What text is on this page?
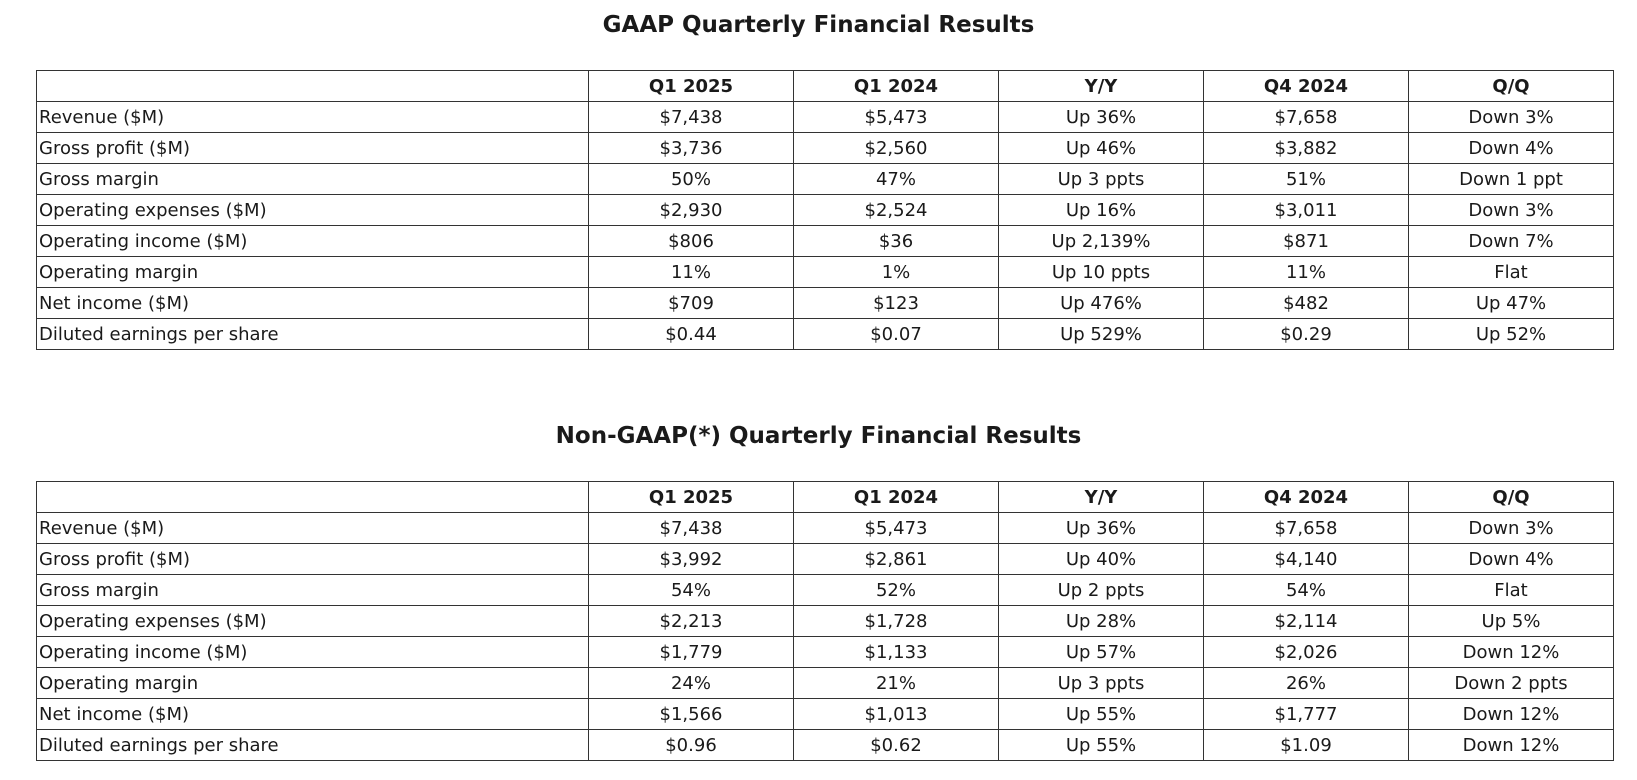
GAAP Quarterly Financial Results
	Q1 2025	Q1 2024	Y/Y	Q4 2024	Q/Q
Revenue ($M)	$7,438	$5,473	Up 36%	$7,658	Down 3%
Gross profit ($M)	$3,736	$2,560	Up 46%	$3,882	Down 4%
Gross margin	50%	47%	Up 3 ppts	51%	Down 1 ppt
Operating expenses ($M)	$2,930	$2,524	Up 16%	$3,011	Down 3%
Operating income ($M)	$806	$36	Up 2,139%	$871	Down 7%
Operating margin	11%	1%	Up 10 ppts	11%	Flat
Net income ($M)	$709	$123	Up 476%	$482	Up 47%
Diluted earnings per share	$0.44	$0.07	Up 529%	$0.29	Up 52%
Non-GAAP(*) Quarterly Financial Results
	Q1 2025	Q1 2024	Y/Y	Q4 2024	Q/Q
Revenue ($M)	$7,438	$5,473	Up 36%	$7,658	Down 3%
Gross profit ($M)	$3,992	$2,861	Up 40%	$4,140	Down 4%
Gross margin	54%	52%	Up 2 ppts	54%	Flat
Operating expenses ($M)	$2,213	$1,728	Up 28%	$2,114	Up 5%
Operating income ($M)	$1,779	$1,133	Up 57%	$2,026	Down 12%
Operating margin	24%	21%	Up 3 ppts	26%	Down 2 ppts
Net income ($M)	$1,566	$1,013	Up 55%	$1,777	Down 12%
Diluted earnings per share	$0.96	$0.62	Up 55%	$1.09	Down 12%
